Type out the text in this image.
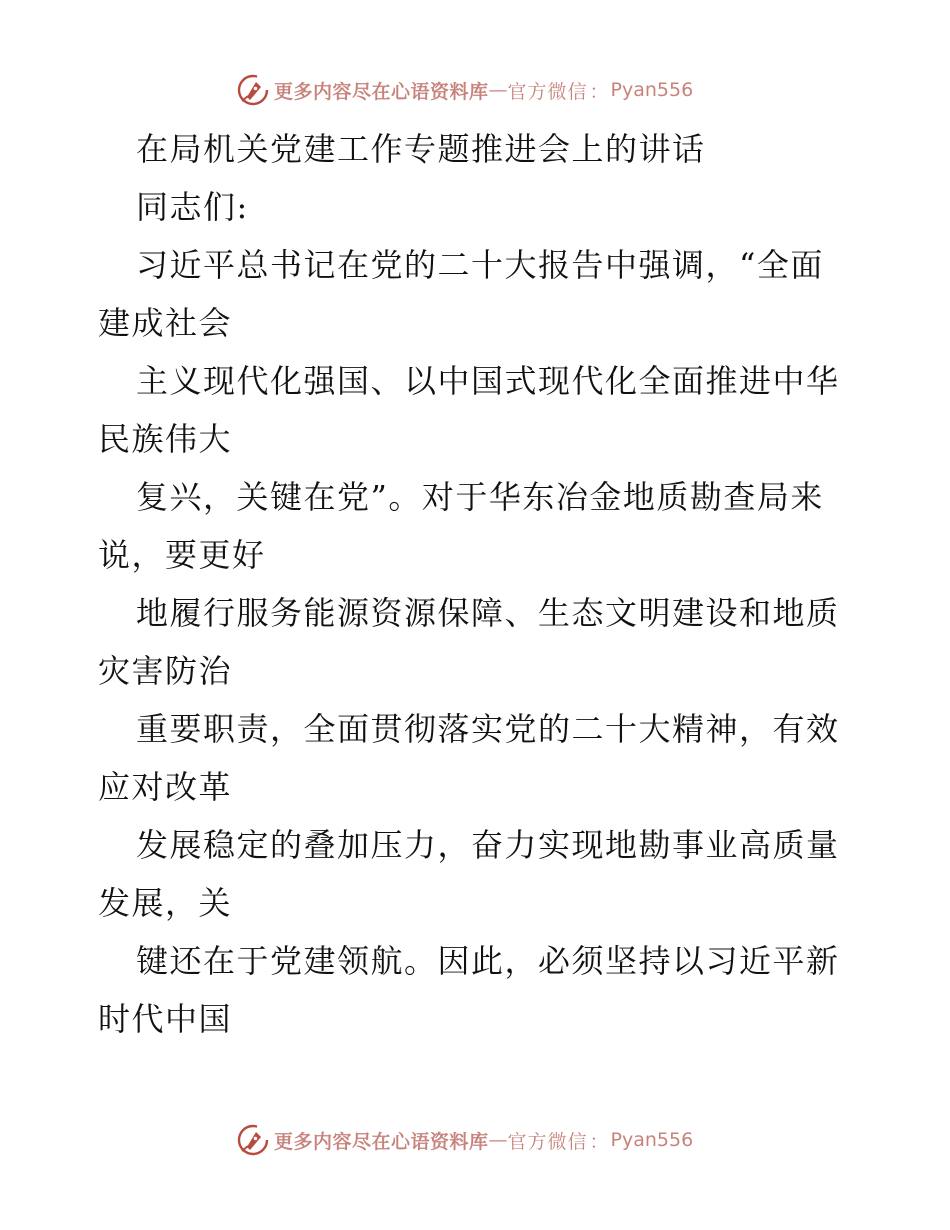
更多内容尽在心语资料库 — 官方微信 ： Pyan556
在局机关党建工作专题推进会上的讲话
同志们:
习近平总书记在党的二十大报告中强调，“全面
建成社会
主义现代化强国、以中国式现代化全面推进中华
民族伟大
复兴，关键在党”。对于华东冶金地质勘查局来
说，要更好
地履行服务能源资源保障、生态文明建设和地质
灾害防治
重要职责，全面贯彻落实党的二十大精神，有效
应对改革
发展稳定的叠加压力，奋力实现地勘事业高质量
发展，关
键还在于党建领航。因此，必须坚持以习近平新
时代中国
更多内容尽在心语资料库 — 官方微信 ： Pyan556
